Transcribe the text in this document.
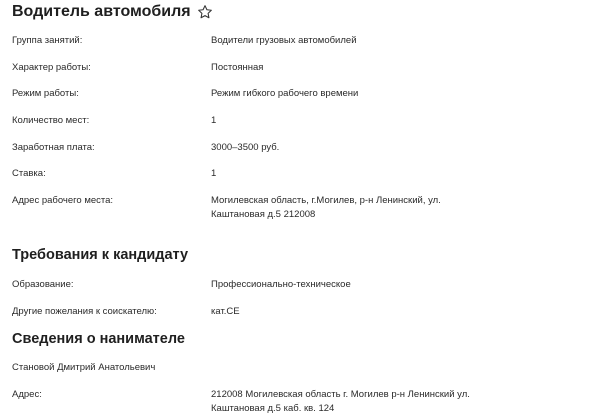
Водитель автомобиля
Группа занятий:	Водители грузовых автомобилей
Характер работы:	Постоянная
Режим работы:	Режим гибкого рабочего времени
Количество мест:	1
Заработная плата:	3000–3500 руб.
Ставка:	1
Адрес рабочего места:	Могилевская область, г.Могилев, р-н Ленинский, ул.
Каштановая д.5 212008
Требования к кандидату
Образование:	Профессионально-техническое
Другие пожелания к соискателю:	кат.CE
Сведения о нанимателе
Становой Дмитрий Анатольевич
Адрес:	212008 Могилевская область г. Могилев р-н Ленинский ул.
Каштановая д.5 каб. кв. 124
